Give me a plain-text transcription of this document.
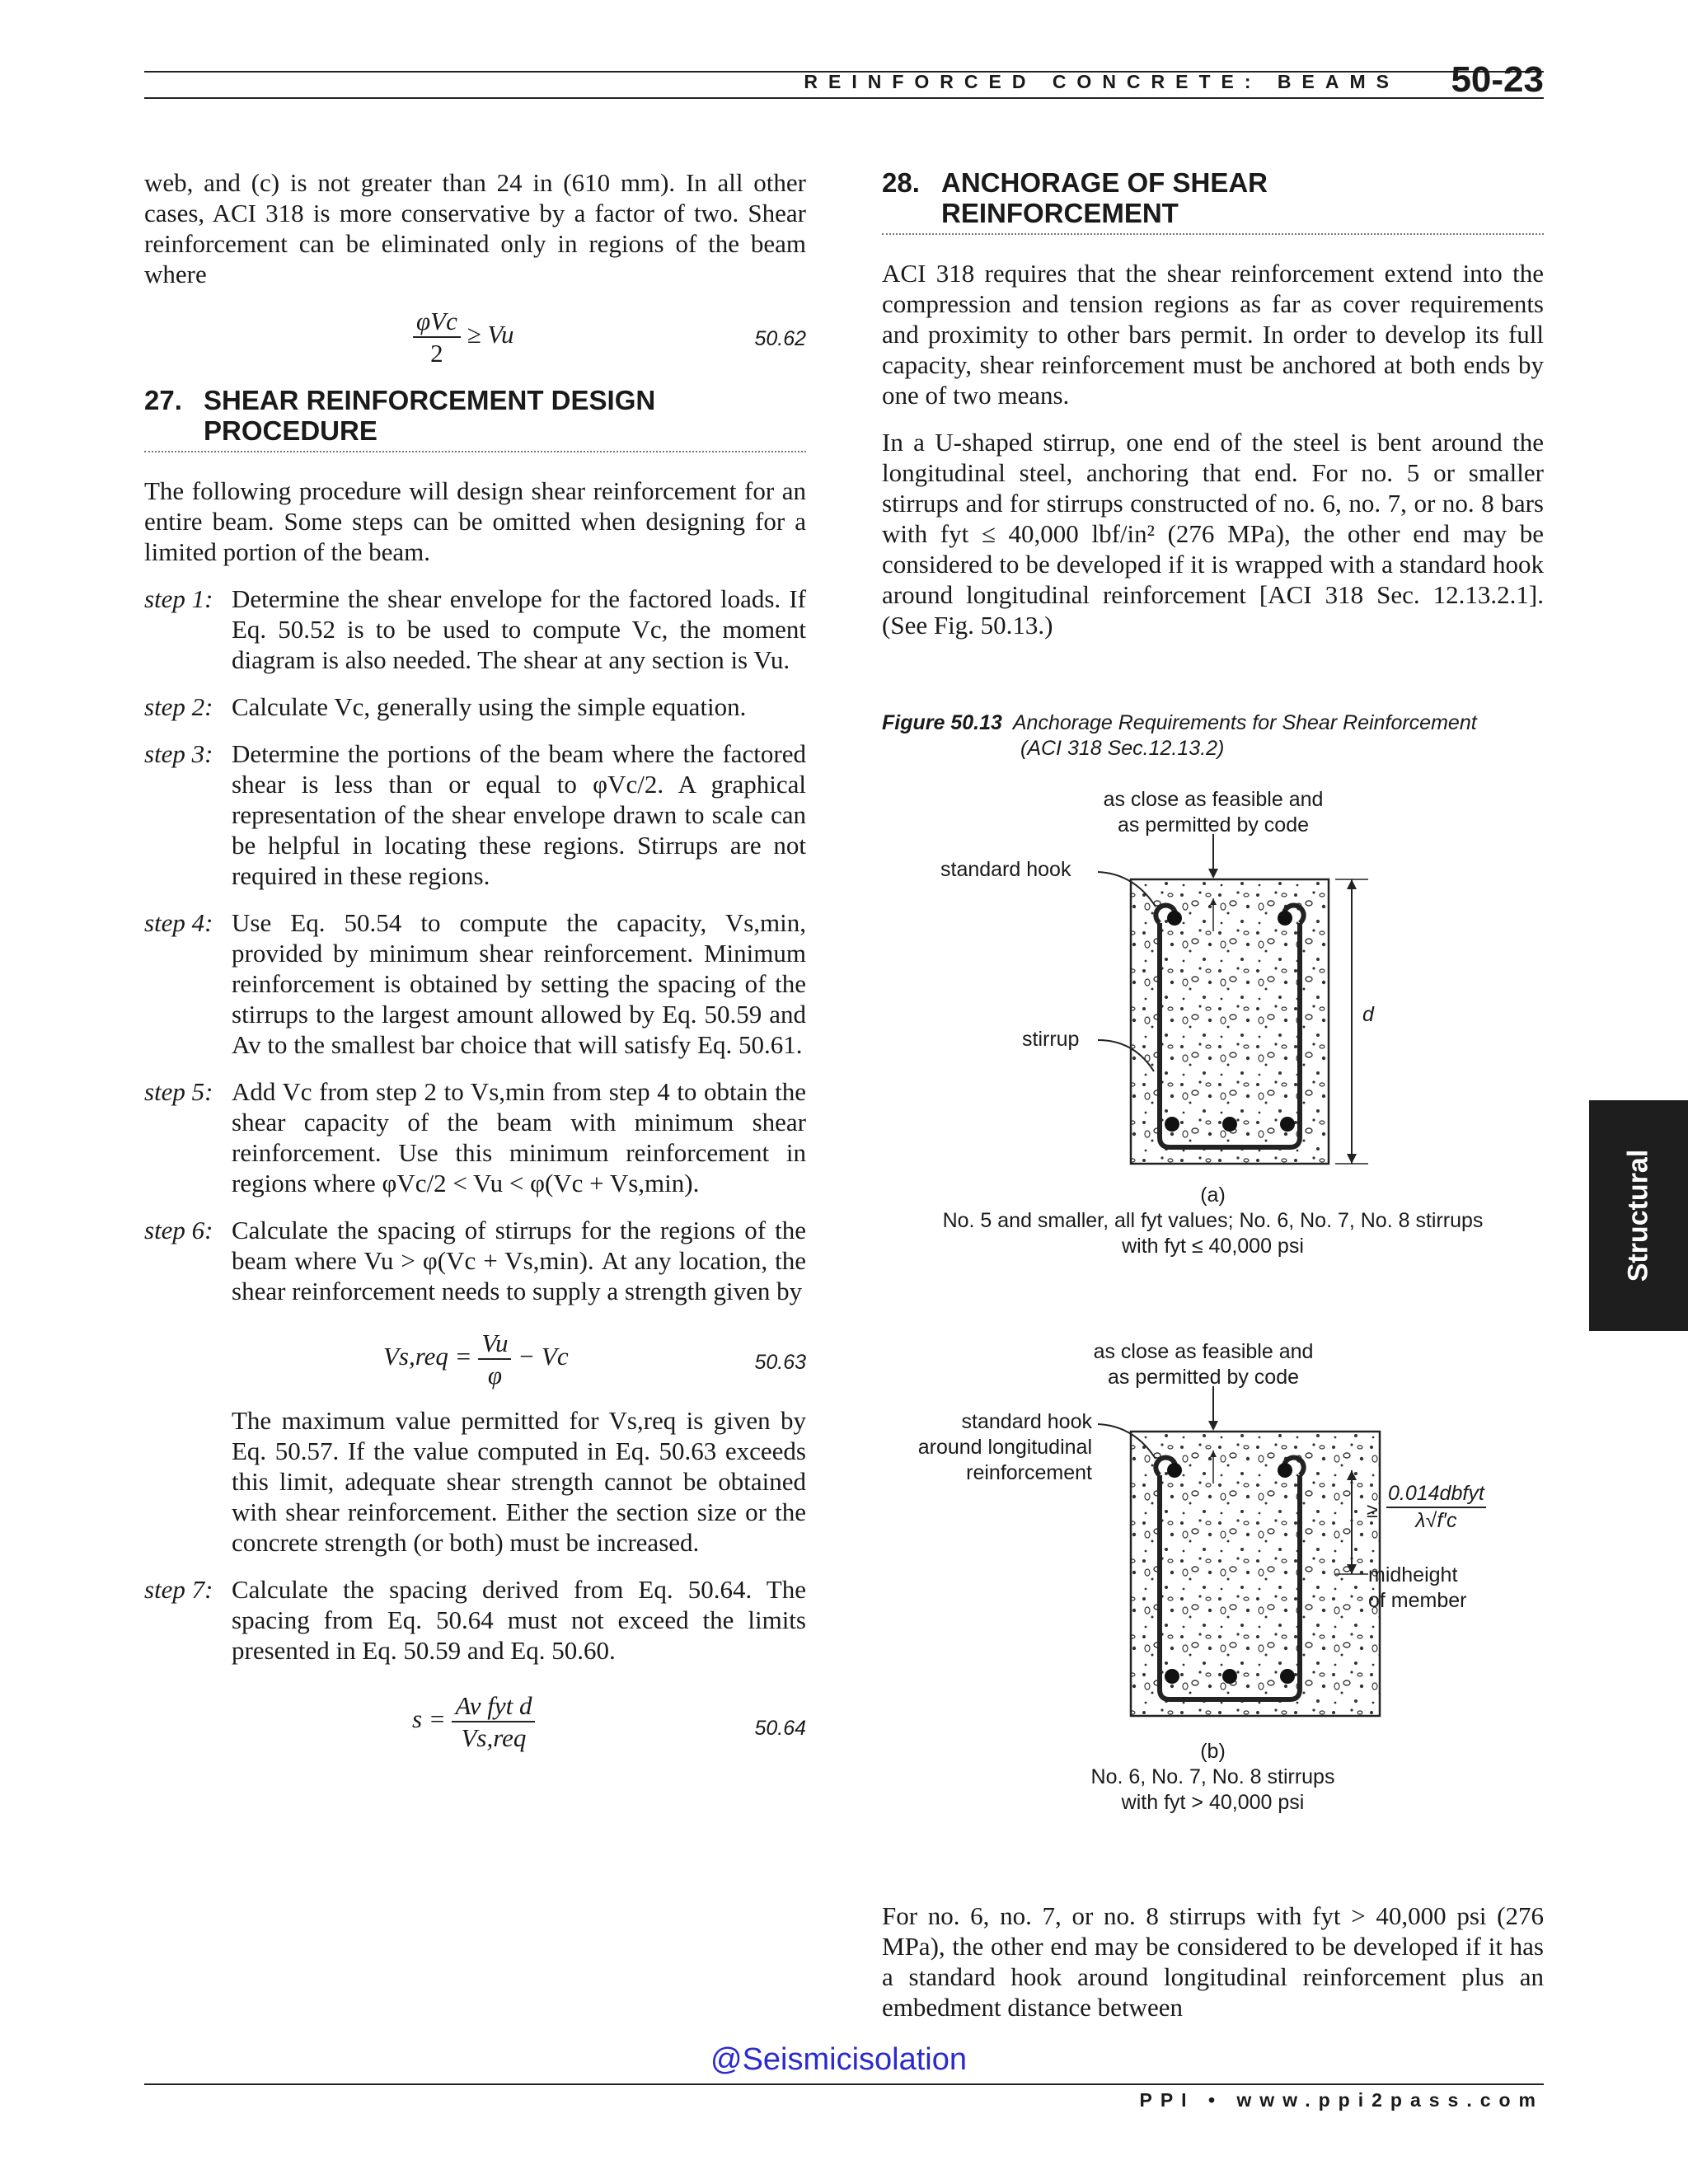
REINFORCED CONCRETE: BEAMS 50-23
Structural

web, and (c) is not greater than 24 in (610 mm). In all other cases, ACI 318 is more conservative by a factor of two. Shear reinforcement can be eliminated only in regions of the beam where

$\frac{\text{φVc}}{2} \ge Vu$	50.62
27. SHEAR REINFORCEMENT DESIGN
PROCEDURE

The following procedure will design shear reinforcement for an entire beam. Some steps can be omitted when designing for a limited portion of the beam.

step 1: Determine the shear envelope for the factored loads. If Eq. 50.52 is to be used to compute Vc, the moment diagram is also needed. The shear at any section is Vu.
step 2: Calculate Vc, generally using the simple equation.
step 3: Determine the portions of the beam where the factored shear is less than or equal to φVc/2. A graphical representation of the shear envelope drawn to scale can be helpful in locating these regions. Stirrups are not required in these regions.
step 4: Use Eq. 50.54 to compute the capacity, Vs,min, provided by minimum shear reinforcement. Minimum reinforcement is obtained by setting the spacing of the stirrups to the largest amount allowed by Eq. 50.59 and Av to the smallest bar choice that will satisfy Eq. 50.61.
step 5: Add Vc from step 2 to Vs,min from step 4 to obtain the shear capacity of the beam with minimum shear reinforcement. Use this minimum reinforcement in regions where φVc/2 < Vu < φ(Vc + Vs,min).
step 6: Calculate the spacing of stirrups for the regions of the beam where Vu > φ(Vc + Vs,min). At any location, the shear reinforcement needs to supply a strength given by
$Vs,req = \frac{Vu}{\varphi} - Vc$	50.63

The maximum value permitted for Vs,req is given by Eq. 50.57. If the value computed in Eq. 50.63 exceeds this limit, adequate shear strength cannot be obtained with shear reinforcement. Either the section size or the concrete strength (or both) must be increased.

step 7: Calculate the spacing derived from Eq. 50.64. The spacing from Eq. 50.64 must not exceed the limits presented in Eq. 50.59 and Eq. 50.60.
$s = \frac{\text{Av fyt d}}{\text{Vs,req}}$	50.64
28. ANCHORAGE OF SHEAR
REINFORCEMENT

ACI 318 requires that the shear reinforcement extend into the compression and tension regions as far as cover requirements and proximity to other bars permit. In order to develop its full capacity, shear reinforcement must be anchored at both ends by one of two means.

In a U-shaped stirrup, one end of the steel is bent around the longitudinal steel, anchoring that end. For no. 5 or smaller stirrups and for stirrups constructed of no. 6, no. 7, or no. 8 bars with fyt ≤ 40,000 lbf/in² (276 MPa), the other end may be considered to be developed if it is wrapped with a standard hook around longitudinal reinforcement [ACI 318 Sec. 12.13.2.1]. (See Fig. 50.13.)

Figure 50.13 Anchorage Requirements for Shear Reinforcement
(ACI 318 Sec.12.13.2)
as close as feasible and
as permitted by code
standard hook
stirrup
d
(a)
No. 5 and smaller, all fyt values; No. 6, No. 7, No. 8 stirrups
with fyt ≤ 40,000 psi
as close as feasible and
as permitted by code
standard hook
around longitudinal
reinforcement
≥
0.014dbfyt
λ√f′c
midheight
of member
(b)
No. 6, No. 7, No. 8 stirrups
with fyt > 40,000 psi

For no. 6, no. 7, or no. 8 stirrups with fyt > 40,000 psi (276 MPa), the other end may be considered to be developed if it has a standard hook around longitudinal reinforcement plus an embedment distance between

@Seismicisolation
PPI • www.ppi2pass.com
